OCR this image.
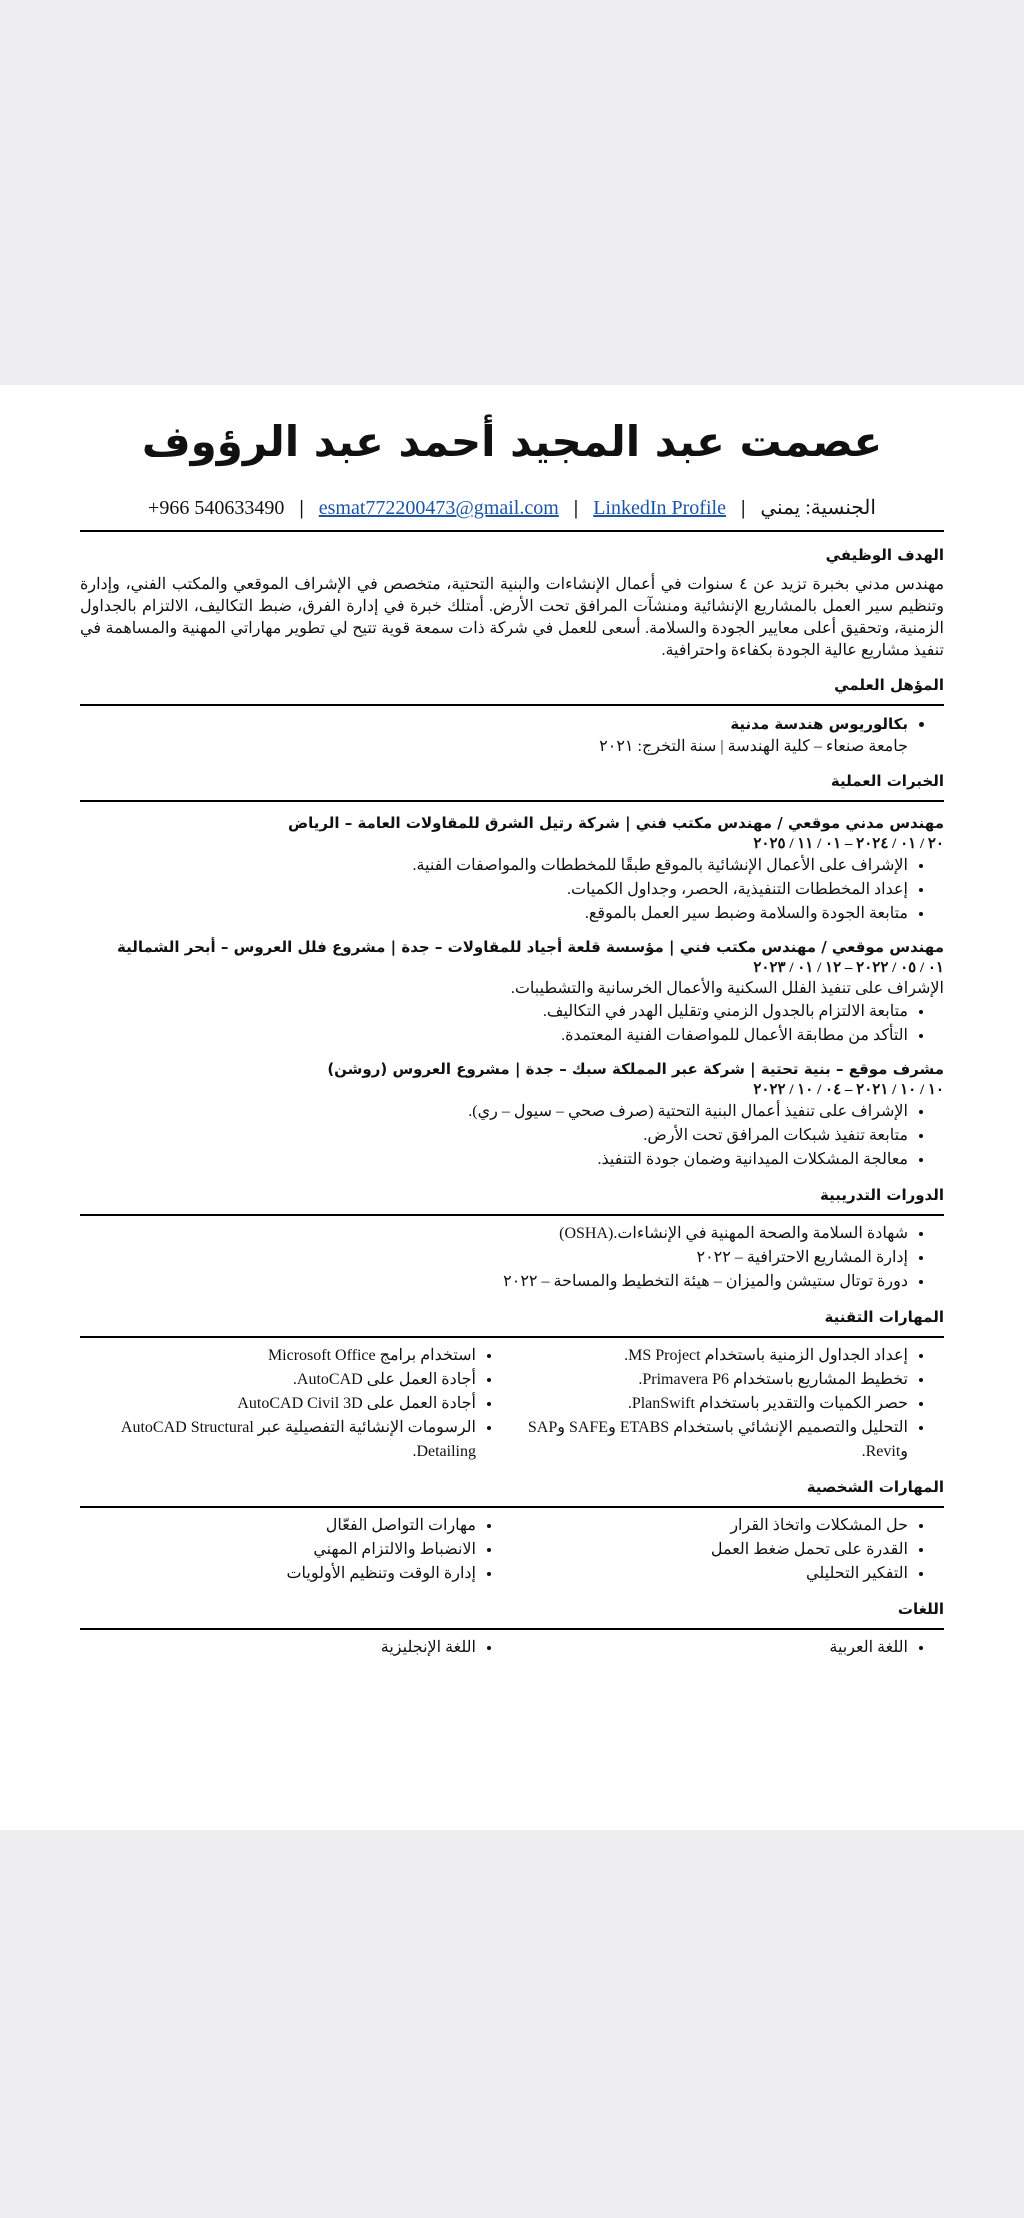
عصمت عبد المجيد أحمد عبد الرؤوف
+966 540633490 | esmat772200473@gmail.com | LinkedIn Profile | الجنسية: يمني
الهدف الوظيفي

مهندس مدني بخبرة تزيد عن ٤ سنوات في أعمال الإنشاءات والبنية التحتية، متخصص في الإشراف الموقعي والمكتب الفني، وإدارة وتنظيم سير العمل بالمشاريع الإنشائية ومنشآت المرافق تحت الأرض. أمتلك خبرة في إدارة الفرق، ضبط التكاليف، الالتزام بالجداول الزمنية، وتحقيق أعلى معايير الجودة والسلامة. أسعى للعمل في شركة ذات سمعة قوية تتيح لي تطوير مهاراتي المهنية والمساهمة في تنفيذ مشاريع عالية الجودة بكفاءة واحترافية.

المؤهل العلمي
• بكالوريوس هندسة مدنية
جامعة صنعاء – كلية الهندسة | سنة التخرج: ٢٠٢١
الخبرات العملية
مهندس مدني موقعي / مهندس مكتب فني | شركة رتيل الشرق للمقاولات العامة – الرياض
٢٠ / ٠١ / ٢٠٢٤ – ٠١ / ١١ / ٢٠٢٥
• الإشراف على الأعمال الإنشائية بالموقع طبقًا للمخططات والمواصفات الفنية.
• إعداد المخططات التنفيذية، الحصر، وجداول الكميات.
• متابعة الجودة والسلامة وضبط سير العمل بالموقع.
مهندس موقعي / مهندس مكتب فني | مؤسسة قلعة أجياد للمقاولات – جدة | مشروع فلل العروس – أبحر الشمالية
٠١ / ٠٥ / ٢٠٢٢ – ١٢ / ٠١ / ٢٠٢٣
الإشراف على تنفيذ الفلل السكنية والأعمال الخرسانية والتشطيبات.
• متابعة الالتزام بالجدول الزمني وتقليل الهدر في التكاليف.
• التأكد من مطابقة الأعمال للمواصفات الفنية المعتمدة.
مشرف موقع – بنية تحتية | شركة عبر المملكة سبك – جدة | مشروع العروس (روشن)
١٠ / ١٠ / ٢٠٢١ – ٠٤ / ١٠ / ٢٠٢٢
• الإشراف على تنفيذ أعمال البنية التحتية (صرف صحي – سيول – ري).
• متابعة تنفيذ شبكات المرافق تحت الأرض.
• معالجة المشكلات الميدانية وضمان جودة التنفيذ.
الدورات التدريبية
• شهادة السلامة والصحة المهنية في الإنشاءات.(OSHA)
• إدارة المشاريع الاحترافية – ٢٠٢٢
• دورة توتال ستيشن والميزان – هيئة التخطيط والمساحة – ٢٠٢٢
المهارات التقنية
• إعداد الجداول الزمنية باستخدام MS Project.
• تخطيط المشاريع باستخدام Primavera P6.
• حصر الكميات والتقدير باستخدام PlanSwift.
• التحليل والتصميم الإنشائي باستخدام ETABS وSAFE وSAP وRevit.
• استخدام برامج Microsoft Office
• أجادة العمل على AutoCAD.
• أجادة العمل على AutoCAD Civil 3D
• الرسومات الإنشائية التفصيلية عبر AutoCAD Structural Detailing.
المهارات الشخصية
• حل المشكلات واتخاذ القرار
• القدرة على تحمل ضغط العمل
• التفكير التحليلي
• مهارات التواصل الفعّال
• الانضباط والالتزام المهني
• إدارة الوقت وتنظيم الأولويات
اللغات
• اللغة العربية
• اللغة الإنجليزية
